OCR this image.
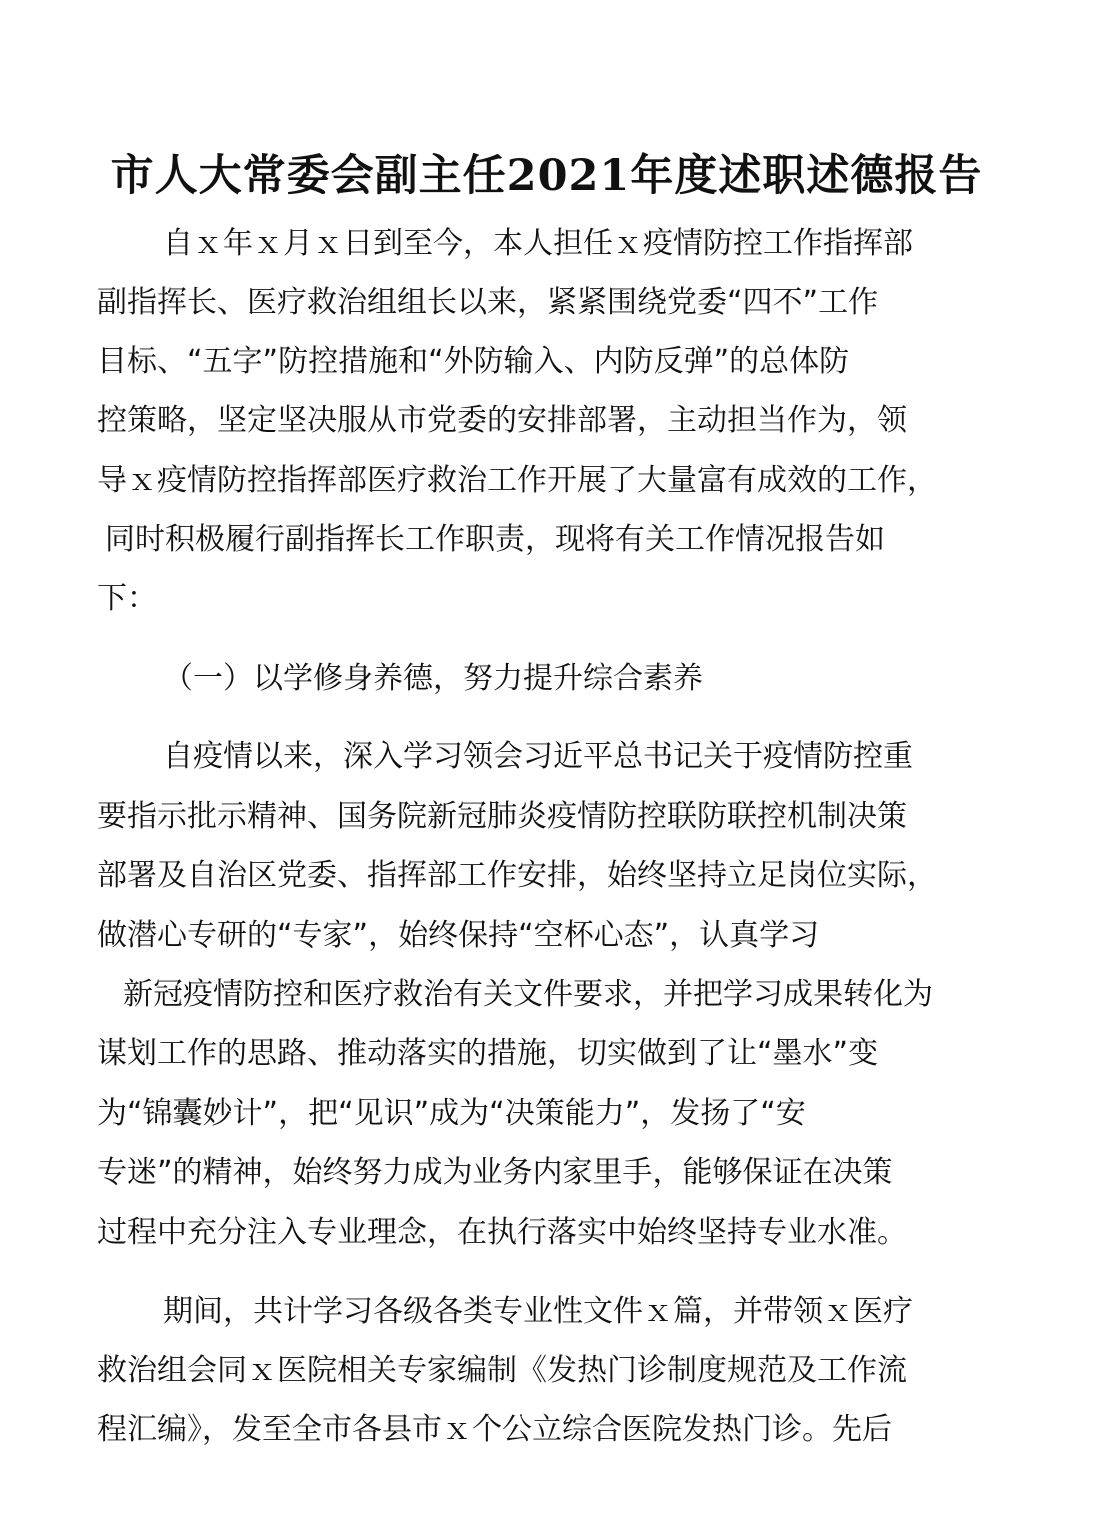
市人大常委会副主任2021年度述职述德报告
自ｘ年ｘ月ｘ日到至今，本人担任ｘ疫情防控工作指挥部
副指挥长、医疗救治组组长以来，紧紧围绕党委“四不”工作
目标、“五字”防控措施和“外防输入、内防反弹”的总体防
控策略，坚定坚决服从市党委的安排部署，主动担当作为，领
导ｘ疫情防控指挥部医疗救治工作开展了大量富有成效的工作，
同时积极履行副指挥长工作职责，现将有关工作情况报告如
下：
（一）以学修身养德，努力提升综合素养
自疫情以来，深入学习领会习近平总书记关于疫情防控重
要指示批示精神、国务院新冠肺炎疫情防控联防联控机制决策
部署及自治区党委、指挥部工作安排，始终坚持立足岗位实际，
做潜心专研的“专家”，始终保持“空杯心态”，认真学习
新冠疫情防控和医疗救治有关文件要求，并把学习成果转化为
谋划工作的思路、推动落实的措施，切实做到了让“墨水”变
为“锦囊妙计”，把“见识”成为“决策能力”，发扬了“安
专迷”的精神，始终努力成为业务内家里手，能够保证在决策
过程中充分注入专业理念，在执行落实中始终坚持专业水准。
期间，共计学习各级各类专业性文件ｘ篇，并带领ｘ医疗
救治组会同ｘ医院相关专家编制《发热门诊制度规范及工作流
程汇编》，发至全市各县市ｘ个公立综合医院发热门诊。先后
